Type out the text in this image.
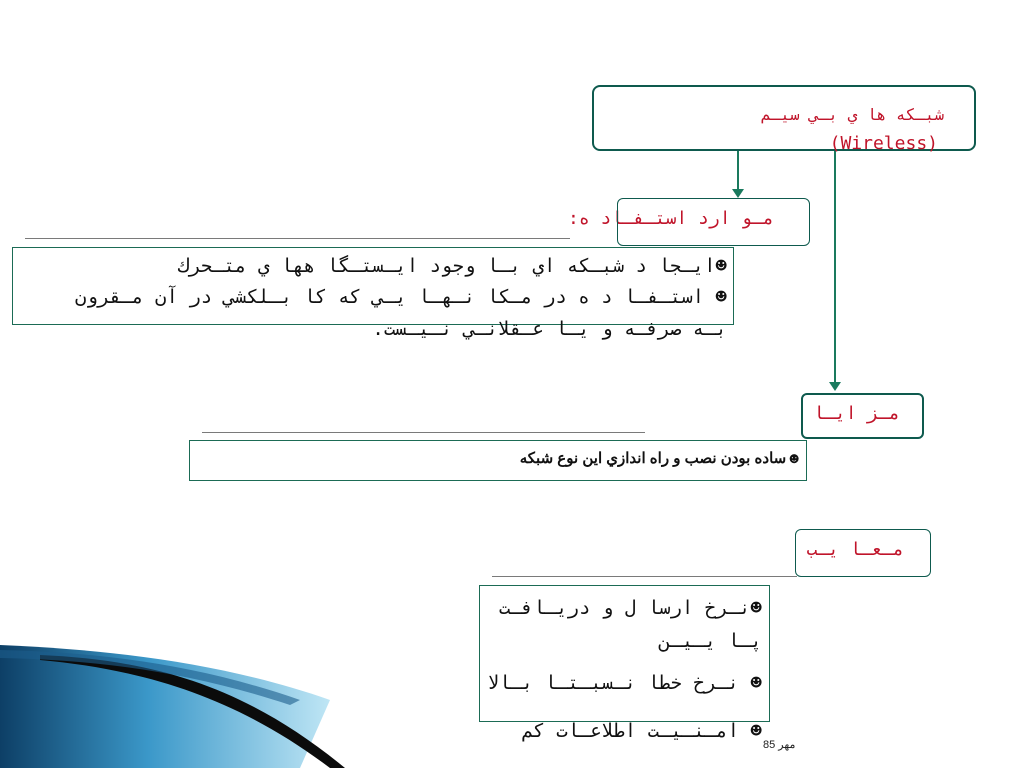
شبـكه ها ي بـي سيـم
(Wireless)
مـو ارد استـفـاد ه:
☻ايـجا د شبـكه اي بـا وجود ايـستـگا هها ي متـحرك
☻ استـفـا د ه در مـكا نـهـا يـي كه كا بـلكشي در آن مـقرون
بـه صرفـه و يـا عـقلانـي نـيـست.
مـز ايـا
☻ساده بودن نصب و راه اندازي اين نوع شبكه
مـعـا يـب
☻نـرخ ارسا ل و دريـافـت
پـا يـيـن
☻ نـرخ خطا نـسبـتـا بـالا
☻ امـنـيـت اطلاعـات كم
مهر 85
